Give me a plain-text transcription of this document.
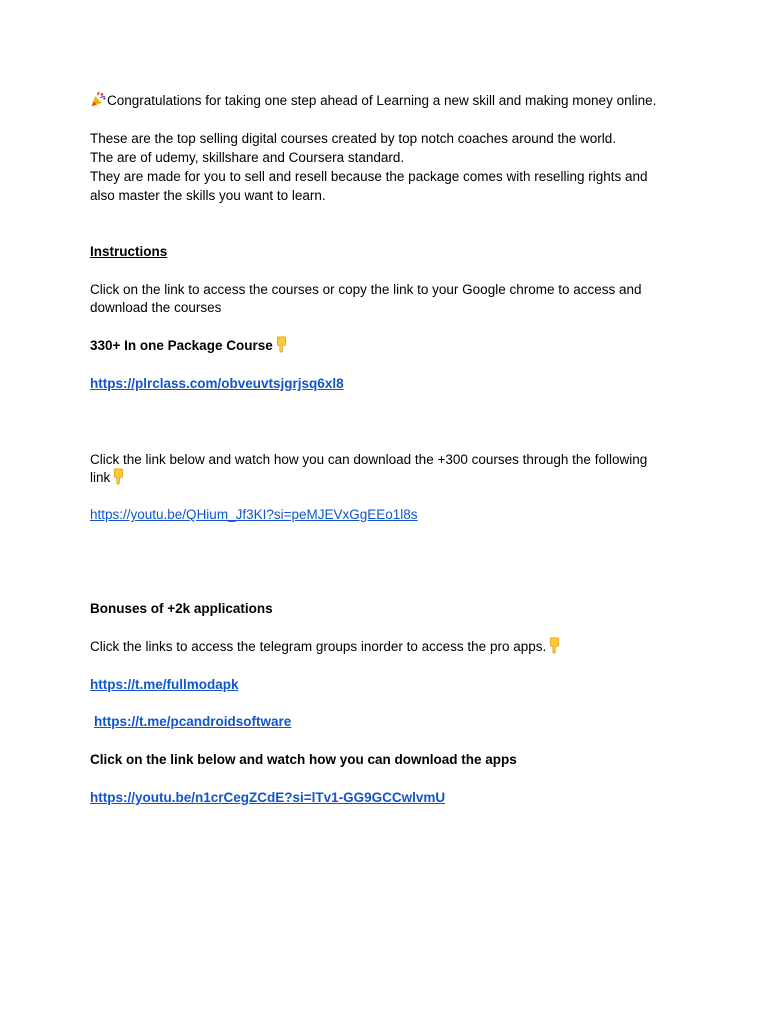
Congratulations for taking one step ahead of Learning a new skill and making money online.
These are the top selling digital courses created by top notch coaches around the world.
The are of udemy, skillshare and Coursera standard.
They are made for you to sell and resell because the package comes with reselling rights and
also master the skills you want to learn.
Instructions
Click on the link to access the courses or copy the link to your Google chrome to access and
download the courses
330+ In one Package Course
https://plrclass.com/obveuvtsjgrjsq6xl8
Click the link below and watch how you can download the +300 courses through the following
link
https://youtu.be/QHium_Jf3KI?si=peMJEVxGgEEo1l8s
Bonuses of +2k applications
Click the links to access the telegram groups inorder to access the pro apps.
https://t.me/fullmodapk
https://t.me/pcandroidsoftware
Click on the link below and watch how you can download the apps
https://youtu.be/n1crCegZCdE?si=lTv1-GG9GCCwlvmU
